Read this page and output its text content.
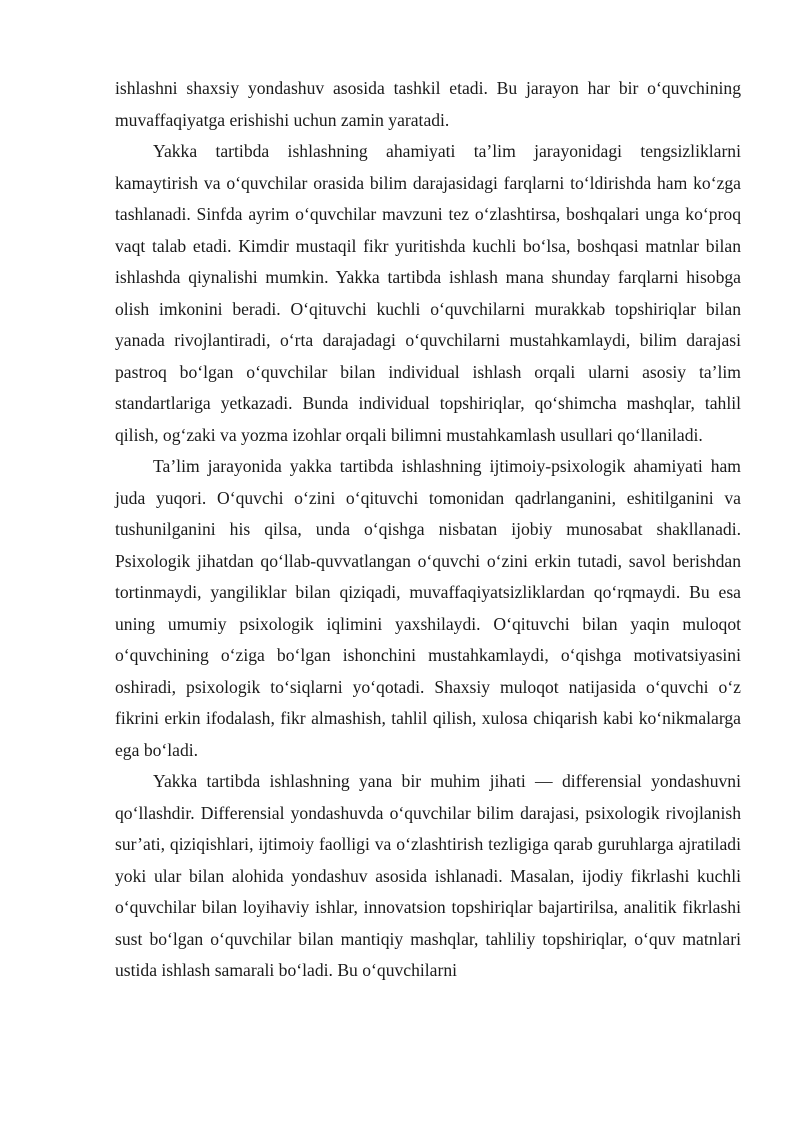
ishlashni shaxsiy yondashuv asosida tashkil etadi. Bu jarayon har bir o‘quvchining muvaffaqiyatga erishishi uchun zamin yaratadi.

Yakka tartibda ishlashning ahamiyati ta’lim jarayonidagi tengsizliklarni kamaytirish va o‘quvchilar orasida bilim darajasidagi farqlarni to‘ldirishda ham ko‘zga tashlanadi. Sinfda ayrim o‘quvchilar mavzuni tez o‘zlashtirsa, boshqalari unga ko‘proq vaqt talab etadi. Kimdir mustaqil fikr yuritishda kuchli bo‘lsa, boshqasi matnlar bilan ishlashda qiynalishi mumkin. Yakka tartibda ishlash mana shunday farqlarni hisobga olish imkonini beradi. O‘qituvchi kuchli o‘quvchilarni murakkab topshiriqlar bilan yanada rivojlantiradi, o‘rta darajadagi o‘quvchilarni mustahkamlaydi, bilim darajasi pastroq bo‘lgan o‘quvchilar bilan individual ishlash orqali ularni asosiy ta’lim standartlariga yetkazadi. Bunda individual topshiriqlar, qo‘shimcha mashqlar, tahlil qilish, og‘zaki va yozma izohlar orqali bilimni mustahkamlash usullari qo‘llaniladi.

Ta’lim jarayonida yakka tartibda ishlashning ijtimoiy-psixologik ahamiyati ham juda yuqori. O‘quvchi o‘zini o‘qituvchi tomonidan qadrlanganini, eshitilganini va tushunilganini his qilsa, unda o‘qishga nisbatan ijobiy munosabat shakllanadi. Psixologik jihatdan qo‘llab-quvvatlangan o‘quvchi o‘zini erkin tutadi, savol berishdan tortinmaydi, yangiliklar bilan qiziqadi, muvaffaqiyatsizliklardan qo‘rqmaydi. Bu esa uning umumiy psixologik iqlimini yaxshilaydi. O‘qituvchi bilan yaqin muloqot o‘quvchining o‘ziga bo‘lgan ishonchini mustahkamlaydi, o‘qishga motivatsiyasini oshiradi, psixologik to‘siqlarni yo‘qotadi. Shaxsiy muloqot natijasida o‘quvchi o‘z fikrini erkin ifodalash, fikr almashish, tahlil qilish, xulosa chiqarish kabi ko‘nikmalarga ega bo‘ladi.

Yakka tartibda ishlashning yana bir muhim jihati — differensial yondashuvni qo‘llashdir. Differensial yondashuvda o‘quvchilar bilim darajasi, psixologik rivojlanish sur’ati, qiziqishlari, ijtimoiy faolligi va o‘zlashtirish tezligiga qarab guruhlarga ajratiladi yoki ular bilan alohida yondashuv asosida ishlanadi. Masalan, ijodiy fikrlashi kuchli o‘quvchilar bilan loyihaviy ishlar, innovatsion topshiriqlar bajartirilsa, analitik fikrlashi sust bo‘lgan o‘quvchilar bilan mantiqiy mashqlar, tahliliy topshiriqlar, o‘quv matnlari ustida ishlash samarali bo‘ladi. Bu o‘quvchilarni
